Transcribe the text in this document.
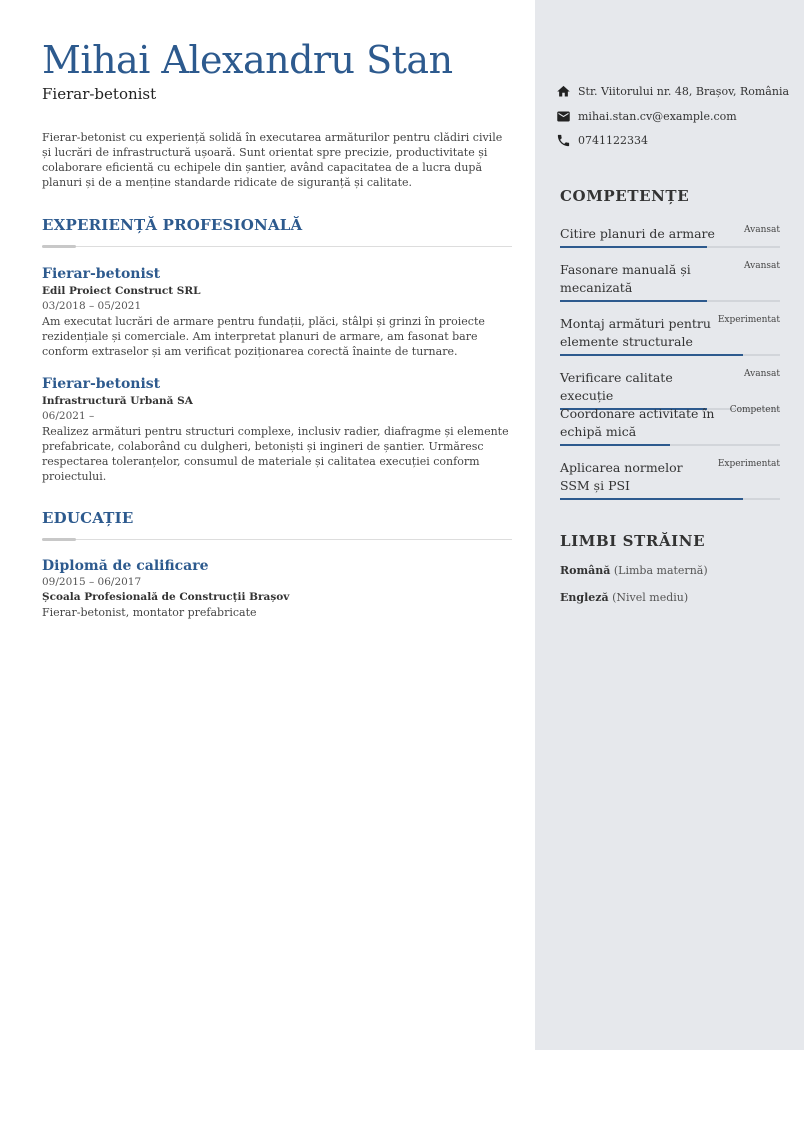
Mihai Alexandru Stan
Fierar-betonist
Fierar-betonist cu experiență solidă în executarea armăturilor pentru clădiri civile și lucrări de infrastructură ușoară. Sunt orientat spre precizie, productivitate și colaborare eficientă cu echipele din șantier, având capacitatea de a lucra după planuri și de a menține standarde ridicate de siguranță și calitate.
EXPERIENȚĂ PROFESIONALĂ
Fierar-betonist
Edil Proiect Construct SRL
03/2018 – 05/2021
Am executat lucrări de armare pentru fundații, plăci, stâlpi și grinzi în proiecte rezidențiale și comerciale. Am interpretat planuri de armare, am fasonat bare conform extraselor și am verificat poziționarea corectă înainte de turnare.
Fierar-betonist
Infrastructură Urbană SA
06/2021 –
Realizez armături pentru structuri complexe, inclusiv radier, diafragme și elemente prefabricate, colaborând cu dulgheri, betoniști și ingineri de șantier. Urmăresc respectarea toleranțelor, consumul de materiale și calitatea execuției conform proiectului.
EDUCAȚIE
Diplomă de calificare
09/2015 – 06/2017
Școala Profesională de Construcții Brașov
Fierar-betonist, montator prefabricate
Str. Viitorului nr. 48, Brașov, România
mihai.stan.cv@example.com
0741122334
COMPETENȚE
Citire planuri de armare	Avansat
Fasonare manuală și mecanizată
Avansat
Montaj armături pentru elemente structurale
Experimentat
Verificare calitate execuție
Avansat
Coordonare activitate în echipă mică
Competent
Aplicarea normelor SSM și PSI
Experimentat
LIMBI STRĂINE
Română (Limba maternă)
Engleză (Nivel mediu)
